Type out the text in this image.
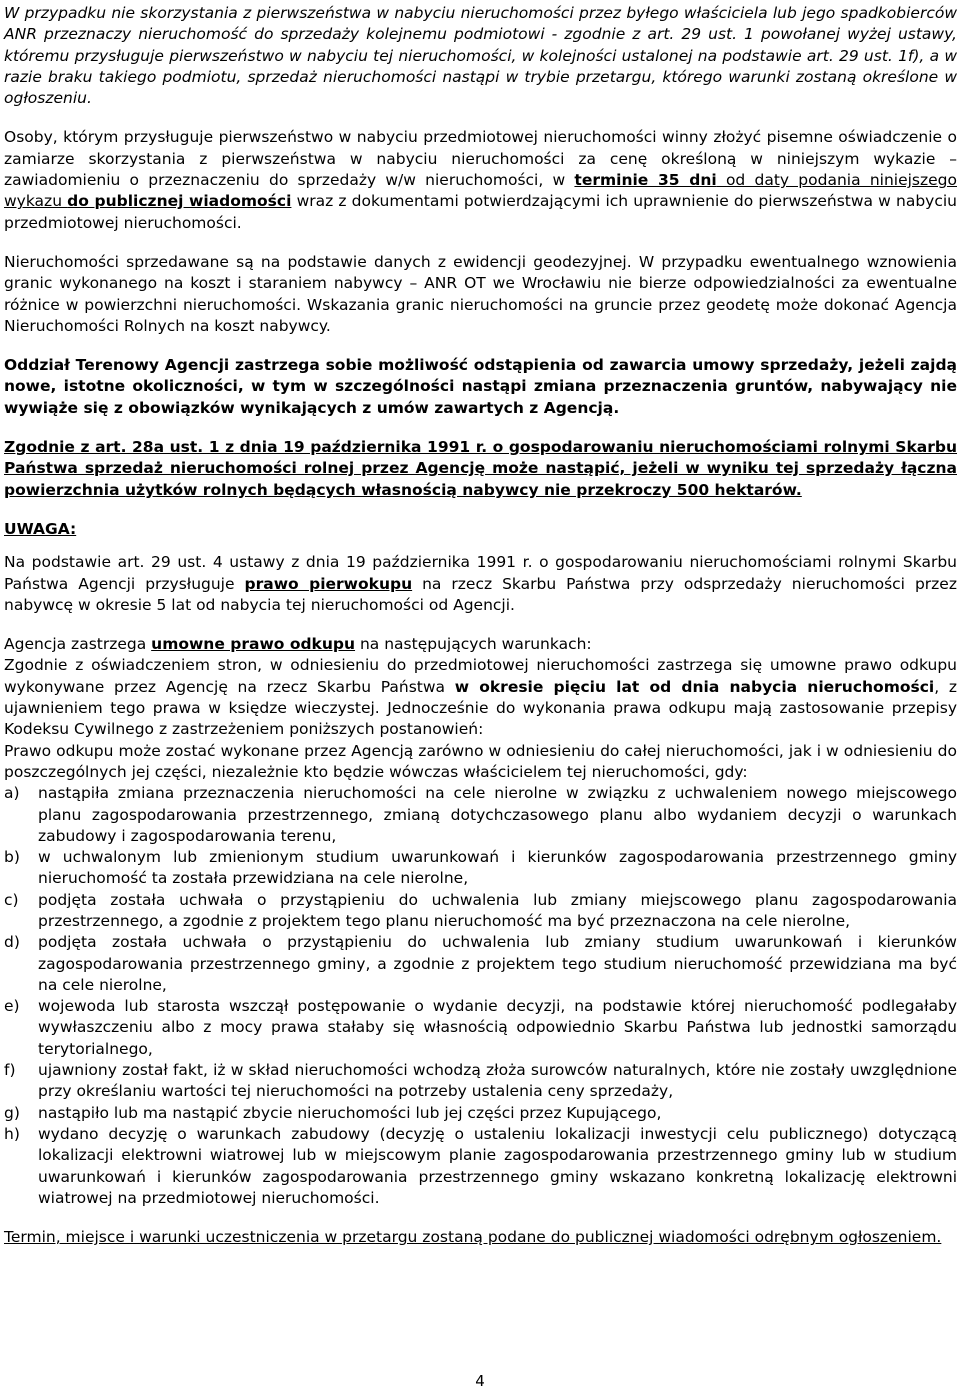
W przypadku nie skorzystania z pierwszeństwa w nabyciu nieruchomości przez byłego właściciela lub jego spadkobierców ANR przeznaczy nieruchomość do sprzedaży kolejnemu podmiotowi - zgodnie z art. 29 ust. 1 powołanej wyżej ustawy, któremu przysługuje pierwszeństwo w nabyciu tej nieruchomości, w kolejności ustalonej na podstawie art. 29 ust. 1f), a w razie braku takiego podmiotu, sprzedaż nieruchomości nastąpi w trybie przetargu, którego warunki zostaną określone w ogłoszeniu.

Osoby, którym przysługuje pierwszeństwo w nabyciu przedmiotowej nieruchomości winny złożyć pisemne oświadczenie o zamiarze skorzystania z pierwszeństwa w nabyciu nieruchomości za cenę określoną w niniejszym wykazie – zawiadomieniu o przeznaczeniu do sprzedaży w/w nieruchomości, w terminie 35 dni od daty podania niniejszego wykazu do publicznej wiadomości wraz z dokumentami potwierdzającymi ich uprawnienie do pierwszeństwa w nabyciu przedmiotowej nieruchomości.

Nieruchomości sprzedawane są na podstawie danych z ewidencji geodezyjnej. W przypadku ewentualnego wznowienia granic wykonanego na koszt i staraniem nabywcy – ANR OT we Wrocławiu nie bierze odpowiedzialności za ewentualne różnice w powierzchni nieruchomości. Wskazania granic nieruchomości na gruncie przez geodetę może dokonać Agencja Nieruchomości Rolnych na koszt nabywcy.

Oddział Terenowy Agencji zastrzega sobie możliwość odstąpienia od zawarcia umowy sprzedaży, jeżeli zajdą nowe, istotne okoliczności, w tym w szczególności nastąpi zmiana przeznaczenia gruntów, nabywający nie wywiąże się z obowiązków wynikających z umów zawartych z Agencją.

Zgodnie z art. 28a ust. 1 z dnia 19 października 1991 r. o gospodarowaniu nieruchomościami rolnymi Skarbu Państwa sprzedaż nieruchomości rolnej przez Agencję może nastąpić, jeżeli w wyniku tej sprzedaży łączna powierzchnia użytków rolnych będących własnością nabywcy nie przekroczy 500 hektarów.

UWAGA:

Na podstawie art. 29 ust. 4 ustawy z dnia 19 października 1991 r. o gospodarowaniu nieruchomościami rolnymi Skarbu Państwa Agencji przysługuje prawo pierwokupu na rzecz Skarbu Państwa przy odsprzedaży nieruchomości przez nabywcę w okresie 5 lat od nabycia tej nieruchomości od Agencji.

Agencja zastrzega umowne prawo odkupu na następujących warunkach:

Zgodnie z oświadczeniem stron, w odniesieniu do przedmiotowej nieruchomości zastrzega się umowne prawo odkupu wykonywane przez Agencję na rzecz Skarbu Państwa w okresie pięciu lat od dnia nabycia nieruchomości, z ujawnieniem tego prawa w księdze wieczystej. Jednocześnie do wykonania prawa odkupu mają zastosowanie przepisy Kodeksu Cywilnego z zastrzeżeniem poniższych postanowień:

Prawo odkupu może zostać wykonane przez Agencją zarówno w odniesieniu do całej nieruchomości, jak i w odniesieniu do poszczególnych jej części, niezależnie kto będzie wówczas właścicielem tej nieruchomości, gdy:

a) nastąpiła zmiana przeznaczenia nieruchomości na cele nierolne w związku z uchwaleniem nowego miejscowego planu zagospodarowania przestrzennego, zmianą dotychczasowego planu albo wydaniem decyzji o warunkach zabudowy i zagospodarowania terenu,
b) w uchwalonym lub zmienionym studium uwarunkowań i kierunków zagospodarowania przestrzennego gminy nieruchomość ta została przewidziana na cele nierolne,
c) podjęta została uchwała o przystąpieniu do uchwalenia lub zmiany miejscowego planu zagospodarowania przestrzennego, a zgodnie z projektem tego planu nieruchomość ma być przeznaczona na cele nierolne,
d) podjęta została uchwała o przystąpieniu do uchwalenia lub zmiany studium uwarunkowań i kierunków zagospodarowania przestrzennego gminy, a zgodnie z projektem tego studium nieruchomość przewidziana ma być na cele nierolne,
e) wojewoda lub starosta wszczął postępowanie o wydanie decyzji, na podstawie której nieruchomość podlegałaby wywłaszczeniu albo z mocy prawa stałaby się własnością odpowiednio Skarbu Państwa lub jednostki samorządu terytorialnego,
f) ujawniony został fakt, iż w skład nieruchomości wchodzą złoża surowców naturalnych, które nie zostały uwzględnione przy określaniu wartości tej nieruchomości na potrzeby ustalenia ceny sprzedaży,
g) nastąpiło lub ma nastąpić zbycie nieruchomości lub jej części przez Kupującego,
h) wydano decyzję o warunkach zabudowy (decyzję o ustaleniu lokalizacji inwestycji celu publicznego) dotyczącą lokalizacji elektrowni wiatrowej lub w miejscowym planie zagospodarowania przestrzennego gminy lub w studium uwarunkowań i kierunków zagospodarowania przestrzennego gminy wskazano konkretną lokalizację elektrowni wiatrowej na przedmiotowej nieruchomości.

Termin, miejsce i warunki uczestniczenia w przetargu zostaną podane do publicznej wiadomości odrębnym ogłoszeniem.

4
